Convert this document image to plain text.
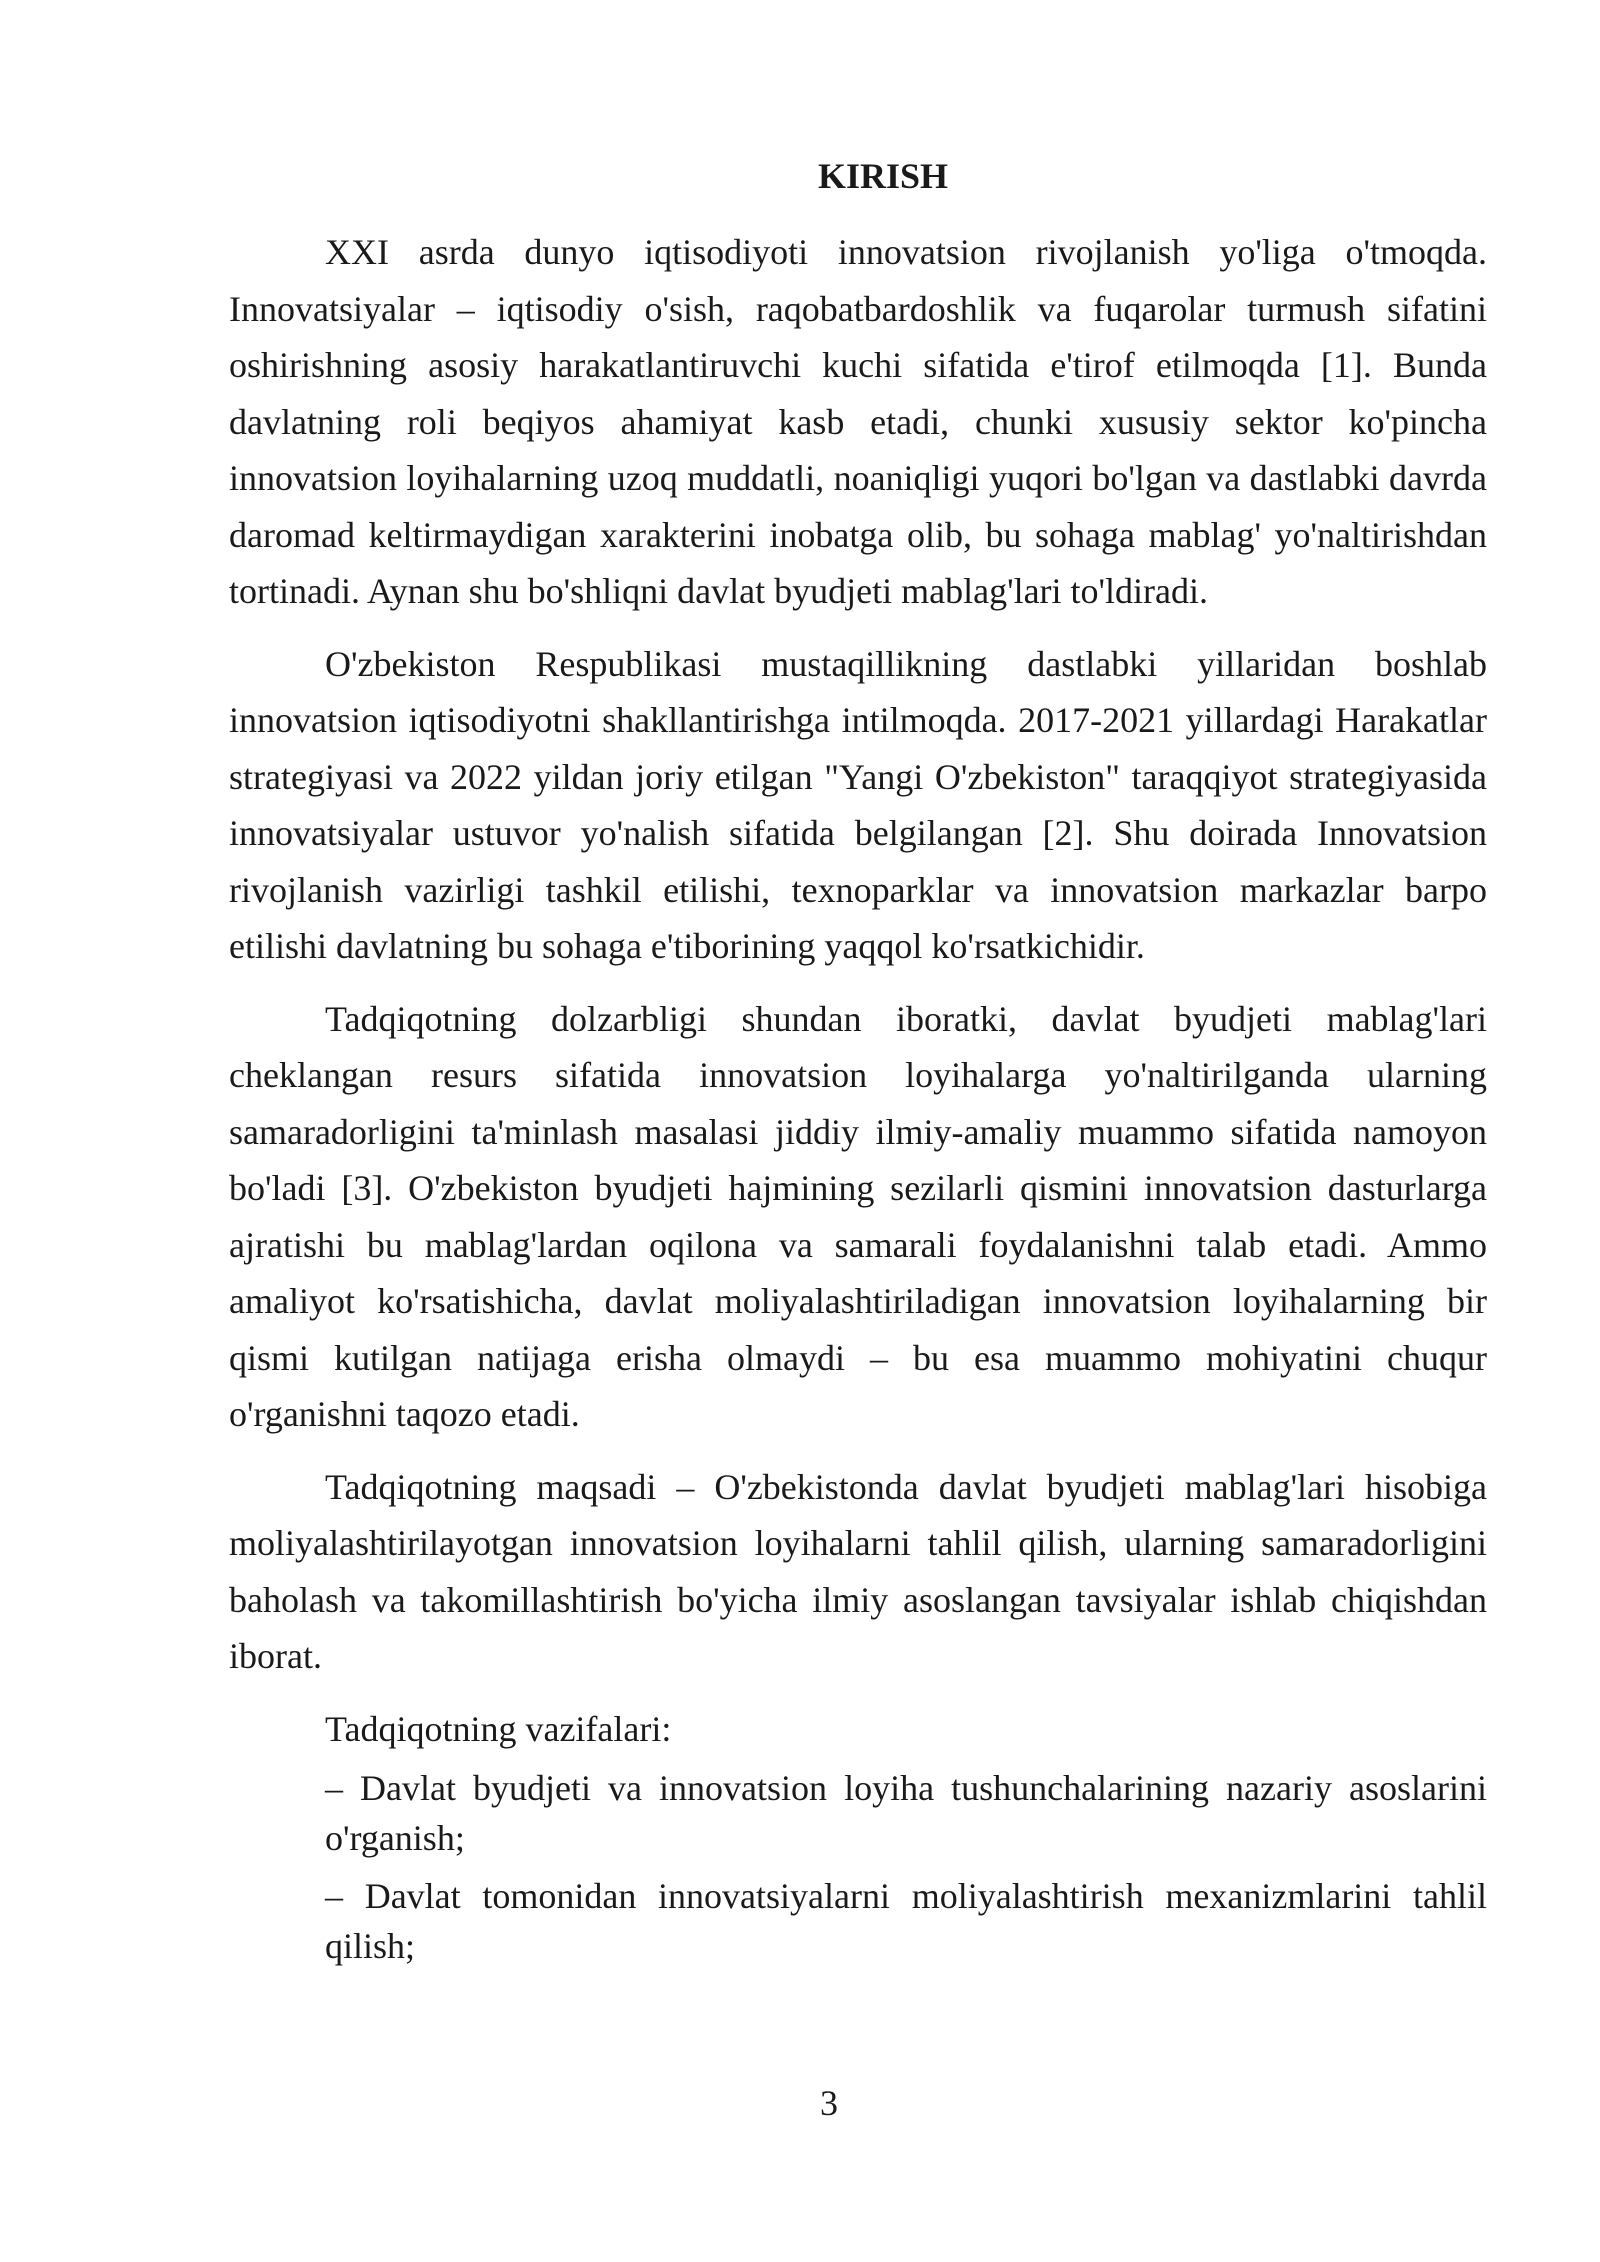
KIRISH

XXI asrda dunyo iqtisodiyoti innovatsion rivojlanish yo'liga o'tmoqda. Innovatsiyalar – iqtisodiy o'sish, raqobatbardoshlik va fuqarolar turmush sifatini oshirishning asosiy harakatlantiruvchi kuchi sifatida e'tirof etilmoqda [1]. Bunda davlatning roli beqiyos ahamiyat kasb etadi, chunki xususiy sektor ko'pincha innovatsion loyihalarning uzoq muddatli, noaniqligi yuqori bo'lgan va dastlabki davrda daromad keltirmaydigan xarakterini inobatga olib, bu sohaga mablag' yo'naltirishdan tortinadi. Aynan shu bo'shliqni davlat byudjeti mablag'lari to'ldiradi.

O'zbekiston Respublikasi mustaqillikning dastlabki yillaridan boshlab innovatsion iqtisodiyotni shakllantirishga intilmoqda. 2017-2021 yillardagi Harakatlar strategiyasi va 2022 yildan joriy etilgan "Yangi O'zbekiston" taraqqiyot strategiyasida innovatsiyalar ustuvor yo'nalish sifatida belgilangan [2]. Shu doirada Innovatsion rivojlanish vazirligi tashkil etilishi, texnoparklar va innovatsion markazlar barpo etilishi davlatning bu sohaga e'tiborining yaqqol ko'rsatkichidir.

Tadqiqotning dolzarbligi shundan iboratki, davlat byudjeti mablag'lari cheklangan resurs sifatida innovatsion loyihalarga yo'naltirilganda ularning samaradorligini ta'minlash masalasi jiddiy ilmiy-amaliy muammo sifatida namoyon bo'ladi [3]. O'zbekiston byudjeti hajmining sezilarli qismini innovatsion dasturlarga ajratishi bu mablag'lardan oqilona va samarali foydalanishni talab etadi. Ammo amaliyot ko'rsatishicha, davlat moliyalashtiriladigan innovatsion loyihalarning bir qismi kutilgan natijaga erisha olmaydi – bu esa muammo mohiyatini chuqur o'rganishni taqozo etadi.

Tadqiqotning maqsadi – O'zbekistonda davlat byudjeti mablag'lari hisobiga moliyalashtirilayotgan innovatsion loyihalarni tahlil qilish, ularning samaradorligini baholash va takomillashtirish bo'yicha ilmiy asoslangan tavsiyalar ishlab chiqishdan iborat.

Tadqiqotning vazifalari:
– Davlat byudjeti va innovatsion loyiha tushunchalarining nazariy asoslarini o'rganish;
– Davlat tomonidan innovatsiyalarni moliyalashtirish mexanizmlarini tahlil qilish;
3
